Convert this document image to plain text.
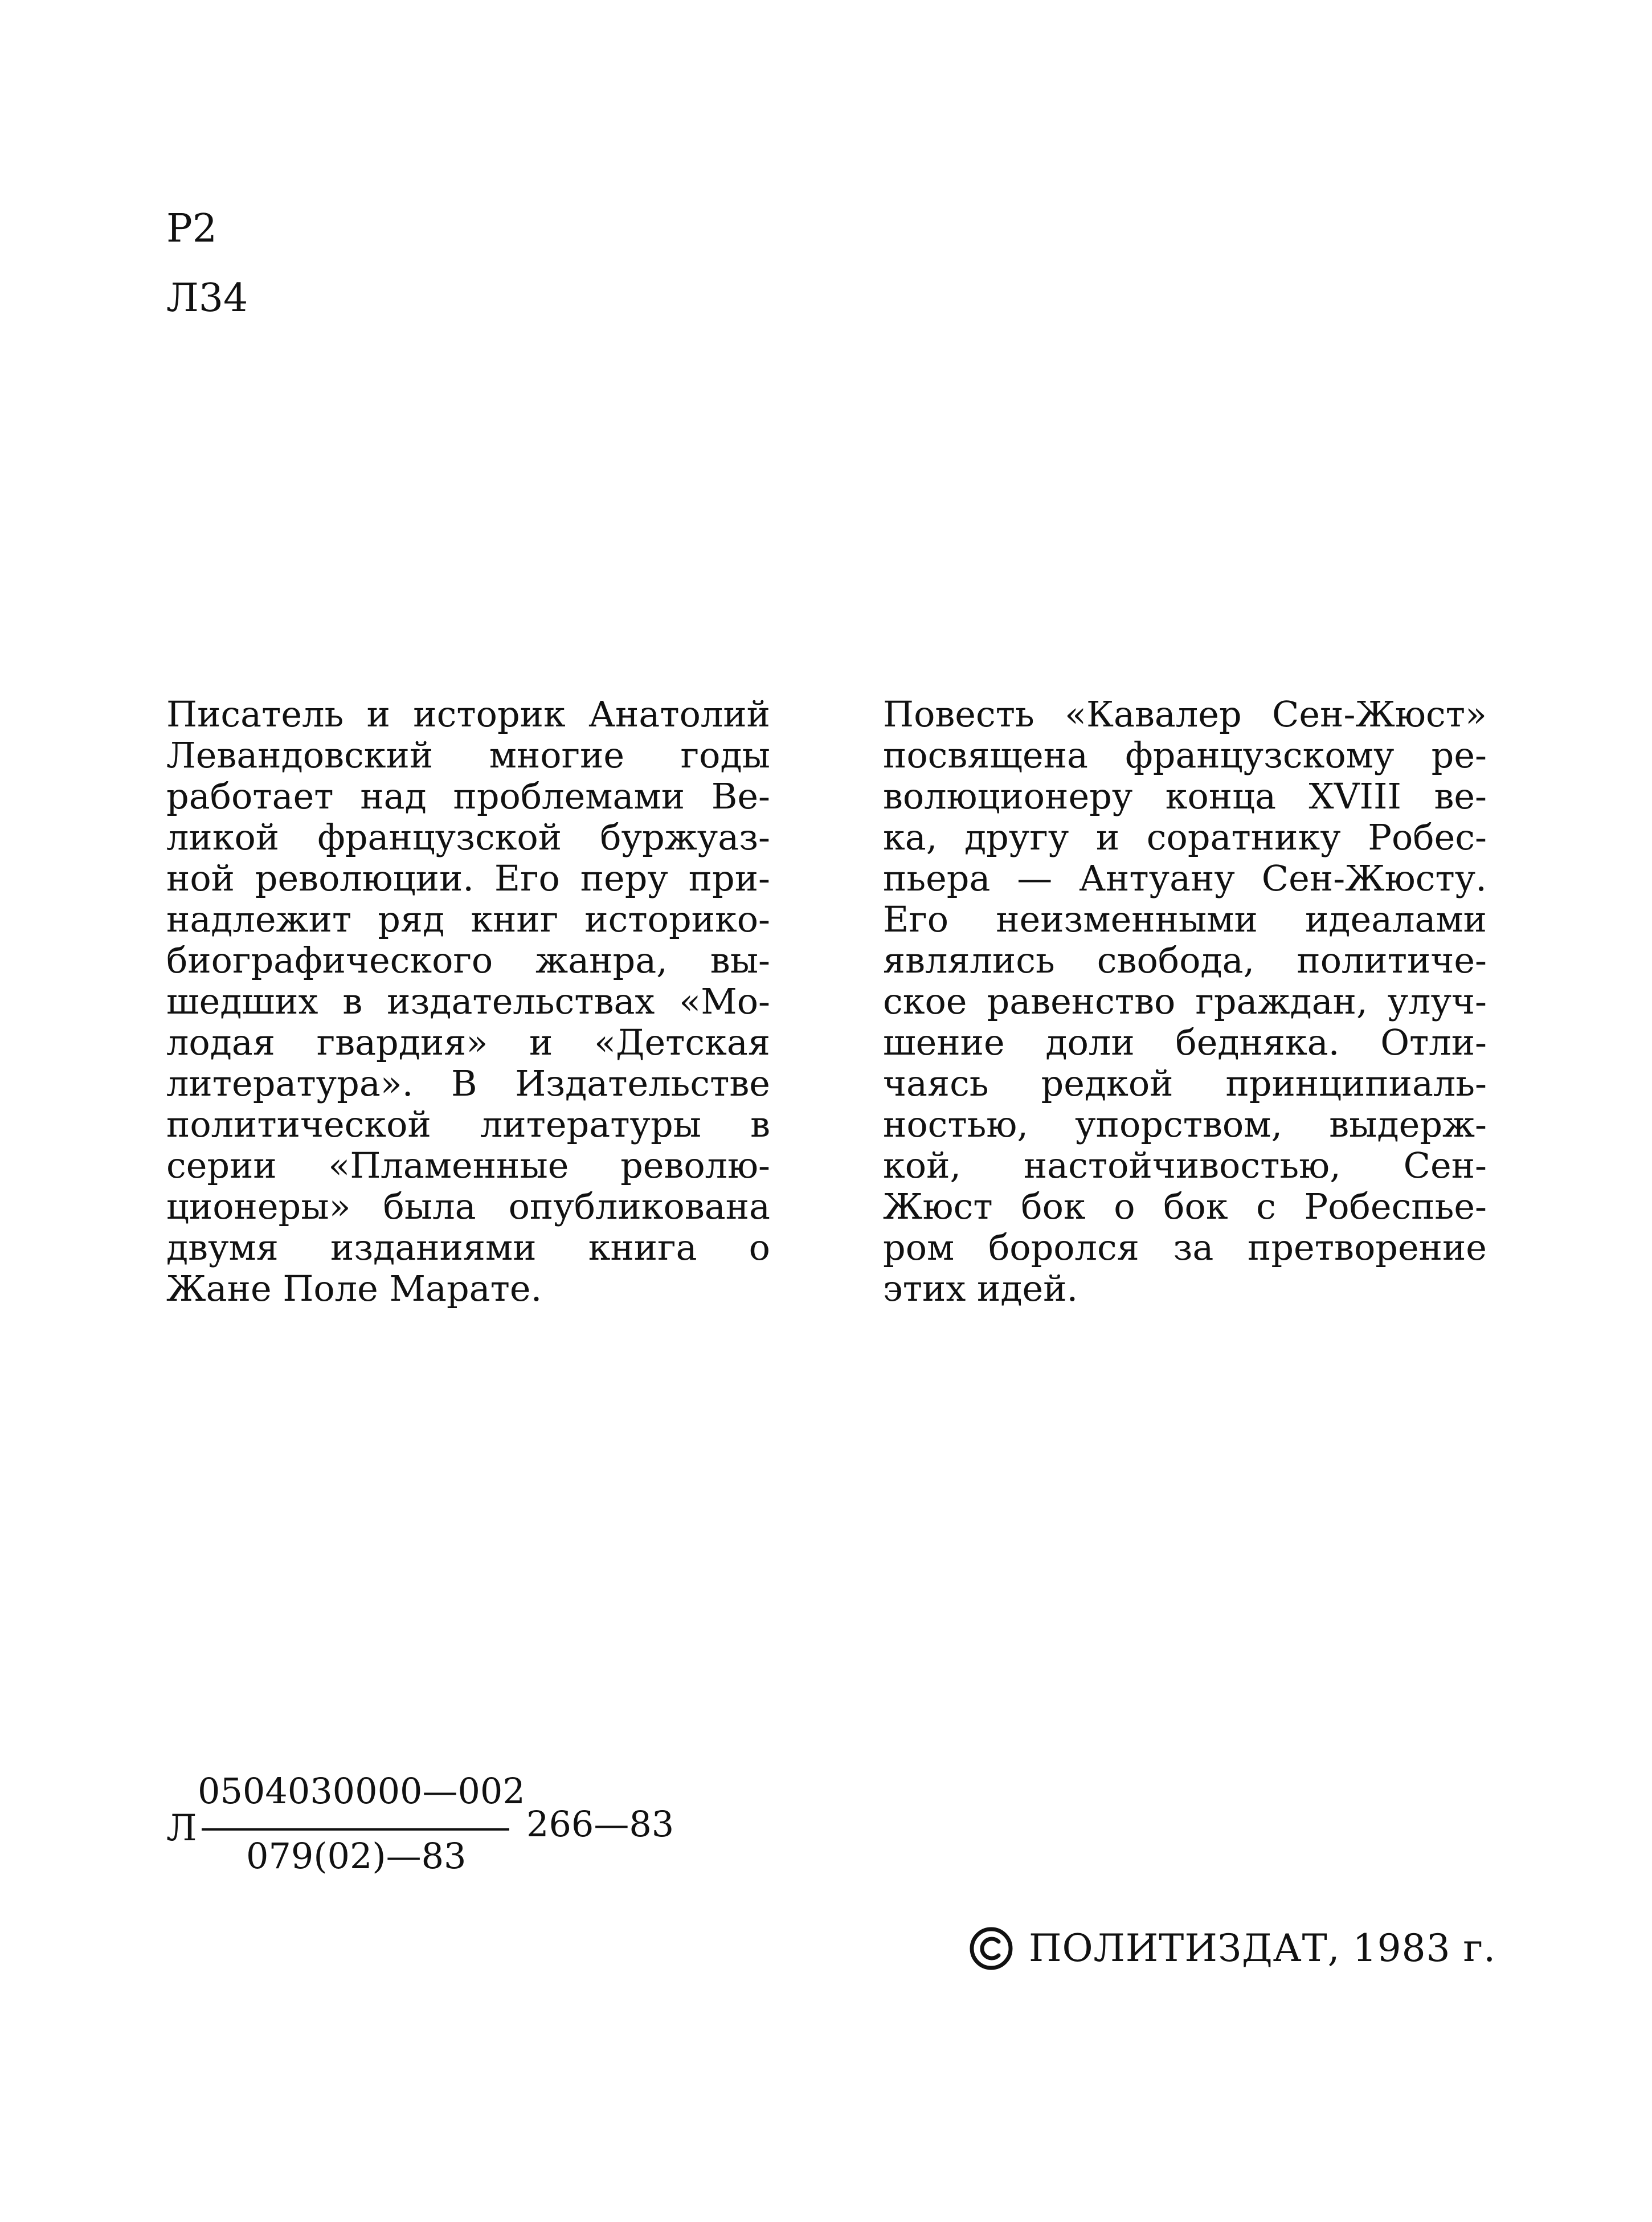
Р2
Л34
Писатель и историк Анатолий
Левандовский многие годы
работает над проблемами Ве-
ликой французской буржуаз-
ной революции. Его перу при-
надлежит ряд книг историко-
биографического жанра, вы-
шедших в издательствах «Мо-
лодая гвардия» и «Детская
литература». В Издательстве
политической литературы в
серии «Пламенные револю-
ционеры» была опубликована
двумя изданиями книга о
Жане Поле Марате.
Повесть «Кавалер Сен-Жюст»
посвящена французскому ре-
волюционеру конца XVIII ве-
ка, другу и соратнику Робес-
пьера — Антуану Сен-Жюсту.
Его неизменными идеалами
являлись свобода, политиче-
ское равенство граждан, улуч-
шение доли бедняка. Отли-
чаясь редкой принципиаль-
ностью, упорством, выдерж-
кой, настойчивостью, Сен-
Жюст бок о бок с Робеспье-
ром боролся за претворение
этих идей.
Л
0504030000—002
079(02)—83
266—83
ПОЛИТИЗДАТ, 1983 г.
